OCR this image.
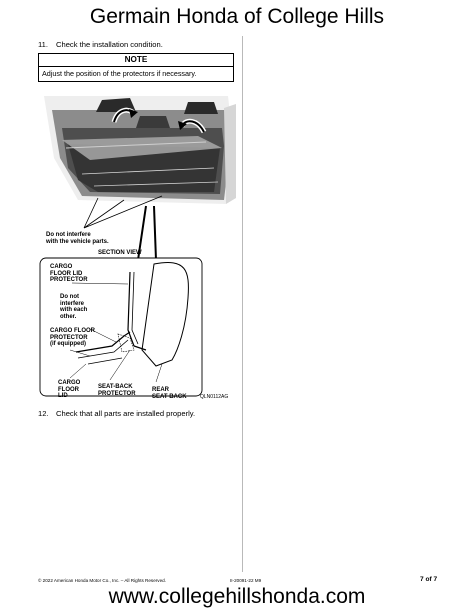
Germain Honda of College Hills
11.	Check the installation condition.
NOTE
Adjust the position of the protectors if necessary.
Do not interfere
with the vehicle parts.
SECTION VIEW
CARGO
FLOOR LID
PROTECTOR
Do not
interfere
with each
other.
CARGO FLOOR
PROTECTOR
(if equipped)
CARGO
FLOOR
LID
SEAT-BACK
PROTECTOR
REAR
SEAT-BACK	QLN0112AG
12. Check that all parts are installed properly.
© 2022 American Honda Motor Co., Inc. – All Rights Reserved.	II-20091-22 M9	7 of 7
www.collegehillshonda.com
